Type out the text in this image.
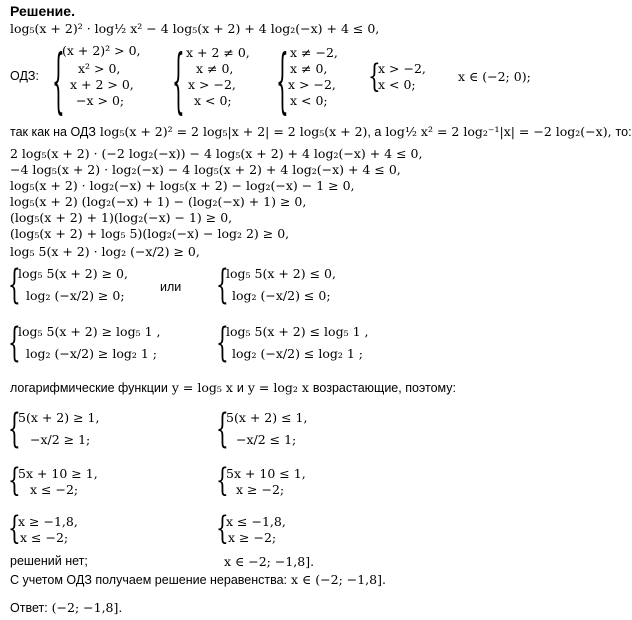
Решение.
log₅(x + 2)² · log½ x² − 4 log₅(x + 2) + 4 log₂(−x) + 4 ≤ 0,
ОДЗ: {
(x + 2)² > 0,
x² > 0,
x + 2 > 0,
−x > 0; { x + 2 ≠ 0,
x ≠ 0,
x > −2,
x < 0; { x ≠ −2,
x ≠ 0,
x > −2,
x < 0;
{
x > −2,
x < 0;
x ∈ (−2; 0);
так как на ОДЗ log₅(x + 2)² = 2 log₅|x + 2| = 2 log₅(x + 2), а log½ x² = 2 log₂⁻¹|x| = −2 log₂(−x), то:
2 log₅(x + 2) · (−2 log₂(−x)) − 4 log₅(x + 2) + 4 log₂(−x) + 4 ≤ 0,
−4 log₅(x + 2) · log₂(−x) − 4 log₅(x + 2) + 4 log₂(−x) + 4 ≤ 0,
log₅(x + 2) · log₂(−x) + log₅(x + 2) − log₂(−x) − 1 ≥ 0,
log₅(x + 2) (log₂(−x) + 1) − (log₂(−x) + 1) ≥ 0,
(log₅(x + 2) + 1)(log₂(−x) − 1) ≥ 0,
(log₅(x + 2) + log₅ 5)(log₂(−x) − log₂ 2) ≥ 0,
log₅ 5(x + 2) · log₂ (−x/2) ≥ 0,
{
log₅ 5(x + 2) ≥ 0,
log₂ (−x/2) ≥ 0;
или {
log₅ 5(x + 2) ≤ 0,
log₂ (−x/2) ≤ 0;
{
log₅ 5(x + 2) ≥ log₅ 1 ,
log₂ (−x/2) ≥ log₂ 1 ;	{
log₅ 5(x + 2) ≤ log₅ 1 ,
log₂ (−x/2) ≤ log₂ 1 ;
логарифмические функции y = log₅ x и y = log₂ x возрастающие, поэтому:
{
5(x + 2) ≥ 1,
−x/2 ≥ 1;	{
5(x + 2) ≤ 1,
−x/2 ≤ 1;
{
5x + 10 ≥ 1,
x ≤ −2;	{
5x + 10 ≤ 1,
x ≥ −2;
{
x ≥ −1,8,
x ≤ −2;	{
x ≤ −1,8,
x ≥ −2;
решений нет;	x ∈ −2; −1,8].
С учетом ОДЗ получаем решение неравенства: x ∈ (−2; −1,8].
Ответ: (−2; −1,8].
